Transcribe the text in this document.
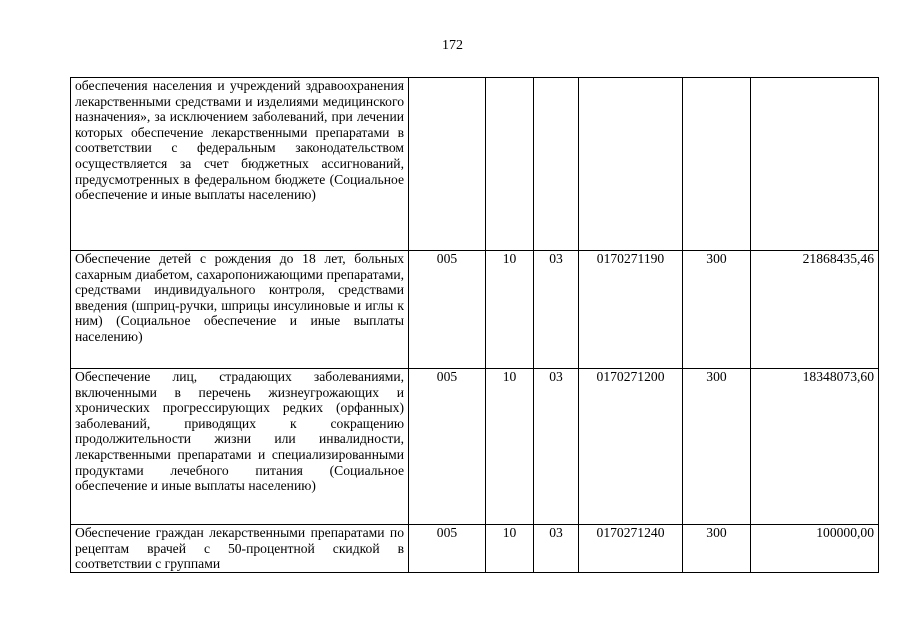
172
обеспечения населения и учреждений здравоохранения лекарственными средствами и изделиями медицинского назначения», за исключением заболеваний, при лечении которых обеспечение лекарственными препаратами в соответствии с федеральным законодательством осуществляется за счет бюджетных ассигнований, предусмотренных в федеральном бюджете (Социальное обеспечение и иные выплаты населению)						
Обеспечение детей с рождения до 18 лет, больных сахарным диабетом, сахаропонижающими препаратами, средствами индивидуального контроля, средствами введения (шприц-ручки, шприцы инсулиновые и иглы к ним) (Социальное обеспечение и иные выплаты населению)	005	10	03	0170271190	300	21868435,46
Обеспечение лиц, страдающих заболеваниями, включенными в перечень жизнеугрожающих и хронических прогрессирующих редких (орфанных) заболеваний, приводящих к сокращению продолжительности жизни или инвалидности, лекарственными препаратами и специализированными продуктами лечебного питания (Социальное обеспечение и иные выплаты населению)	005	10	03	0170271200	300	18348073,60

Обеспечение граждан лекарственными препаратами по рецептам врачей с 50-процентной скидкой в соответствии с группами	005	10	03	0170271240	300	100000,00
